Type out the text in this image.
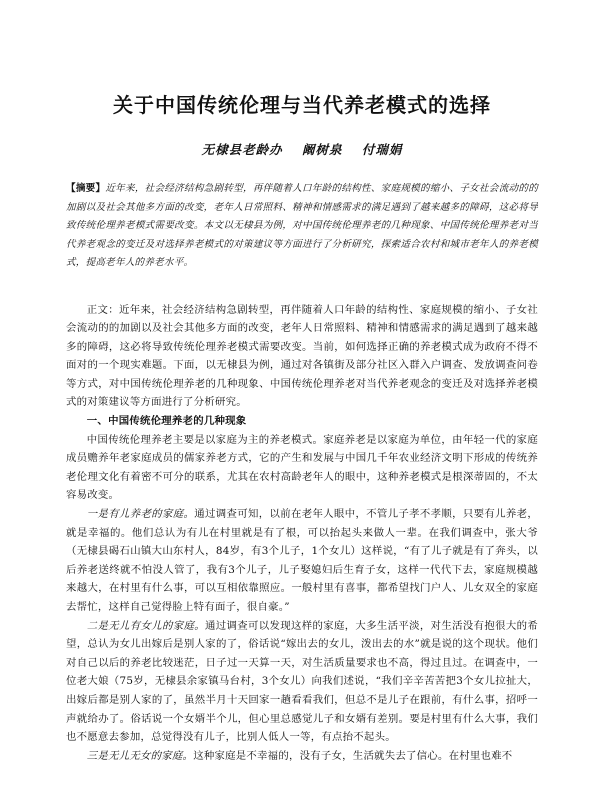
关于中国传统伦理与当代养老模式的选择
无棣县老龄办 阚树泉 付瑞娟
【摘要】近年来，社会经济结构急剧转型，再伴随着人口年龄的结构性、家庭规模的缩小、子女社会流动的的加剧以及社会其他多方面的改变，老年人日常照料、精神和情感需求的满足遇到了越来越多的障碍，这必将导致传统伦理养老模式需要改变。本文以无棣县为例，对中国传统伦理养老的几种现象、中国传统伦理养老对当代养老观念的变迁及对选择养老模式的对策建议等方面进行了分析研究，探索适合农村和城市老年人的养老模式，提高老年人的养老水平。

正文：近年来，社会经济结构急剧转型，再伴随着人口年龄的结构性、家庭规模的缩小、子女社会流动的的加剧以及社会其他多方面的改变，老年人日常照料、精神和情感需求的满足遇到了越来越多的障碍，这必将导致传统伦理养老模式需要改变。当前，如何选择正确的养老模式成为政府不得不面对的一个现实难题。下面，以无棣县为例，通过对各镇街及部分社区入群入户调查、发放调查问卷等方式，对中国传统伦理养老的几种现象、中国传统伦理养老对当代养老观念的变迁及对选择养老模式的对策建议等方面进行了分析研究。

一、中国传统伦理养老的几种现象

中国传统伦理养老主要是以家庭为主的养老模式。家庭养老是以家庭为单位，由年轻一代的家庭成员赡养年老家庭成员的儒家养老方式，它的产生和发展与中国几千年农业经济文明下形成的传统养老伦理文化有着密不可分的联系，尤其在农村高龄老年人的眼中，这种养老模式是根深蒂固的，不太容易改变。

一是有儿养老的家庭。通过调查可知，以前在老年人眼中，不管儿子孝不孝顺，只要有儿养老，就是幸福的。他们总认为有儿在村里就是有了根，可以抬起头来做人一辈。在我们调查中，张大爷（无棣县碣石山镇大山东村人，84岁，有3个儿子，1个女儿）这样说，“有了儿子就是有了奔头，以后养老送终就不怕没人管了，我有3个儿子，儿子娶媳妇后生育子女，这样一代代下去，家庭规模越来越大，在村里有什么事，可以互相依靠照应。一般村里有喜事，都希望找门户人、儿女双全的家庭去帮忙，这样自己觉得脸上特有面子，很自豪。”

二是无儿有女儿的家庭。通过调查可以发现这样的家庭，大多生活平淡，对生活没有抱很大的希望，总认为女儿出嫁后是别人家的了，俗话说“嫁出去的女儿，泼出去的水”就是说的这个现状。他们对自己以后的养老比较迷茫，日子过一天算一天，对生活质量要求也不高，得过且过。在调查中，一位老大娘（75岁，无棣县余家镇马台村，3个女儿）向我们述说，“我们辛辛苦苦把3个女儿拉扯大，出嫁后都是别人家的了，虽然半月十天回家一趟看看我们，但总不是儿子在跟前，有什么事，招呼一声就给办了。俗话说一个女婿半个儿，但心里总感觉儿子和女婿有差别。要是村里有什么大事，我们也不愿意去参加，总觉得没有儿子，比别人低人一等，有点抬不起头。

三是无儿无女的家庭。这种家庭是不幸福的，没有子女，生活就失去了信心。在村里也难不
